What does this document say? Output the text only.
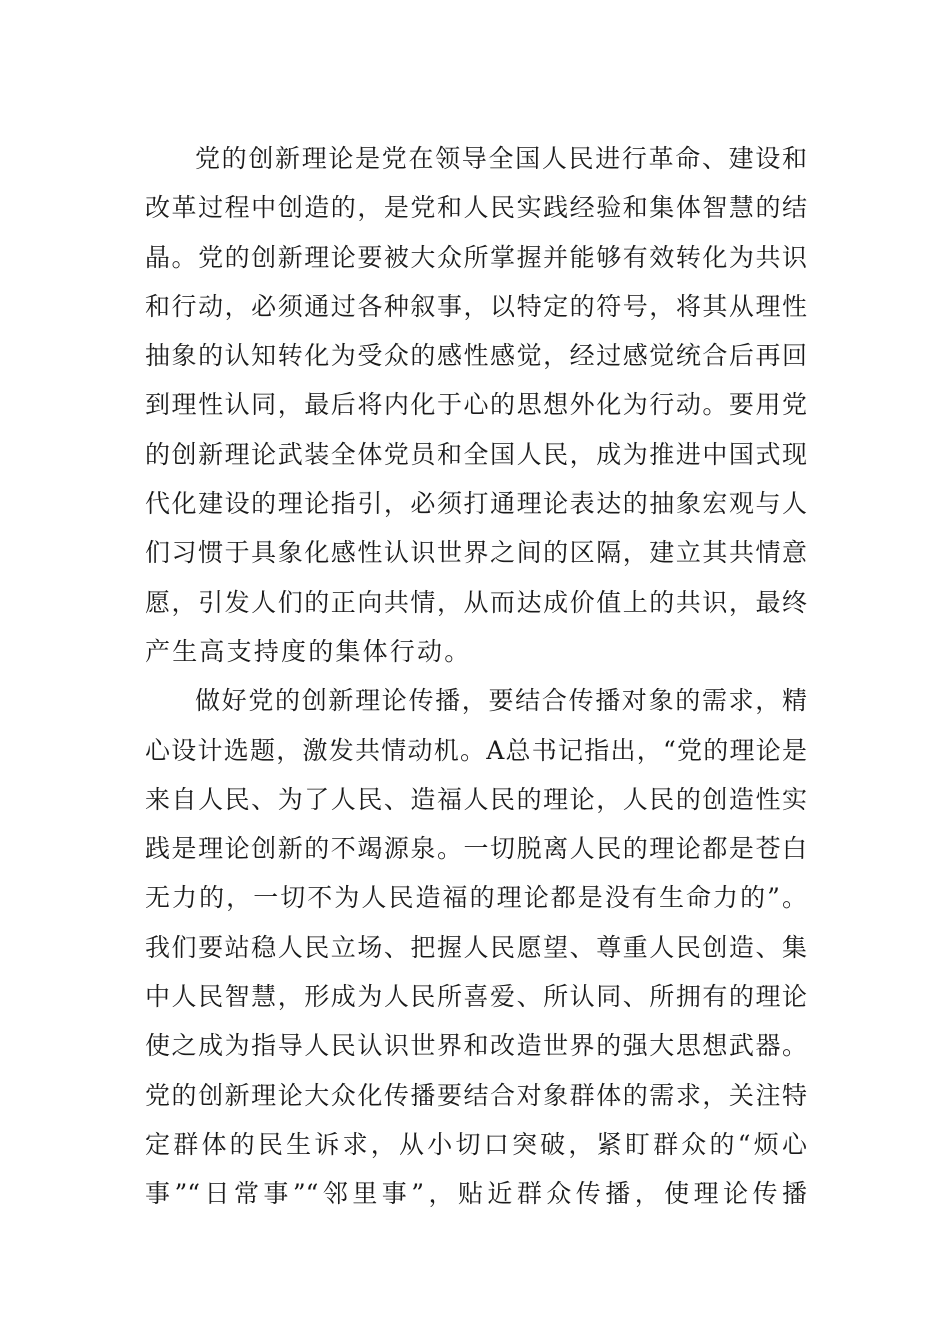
党的创新理论是党在领导全国人民进行革命、建设和
改革过程中创造的，是党和人民实践经验和集体智慧的结
晶。党的创新理论要被大众所掌握并能够有效转化为共识
和行动，必须通过各种叙事，以特定的符号，将其从理性
抽象的认知转化为受众的感性感觉，经过感觉统合后再回
到理性认同，最后将内化于心的思想外化为行动。要用党
的创新理论武装全体党员和全国人民，成为推进中国式现
代化建设的理论指引，必须打通理论表达的抽象宏观与人
们习惯于具象化感性认识世界之间的区隔，建立其共情意
愿，引发人们的正向共情，从而达成价值上的共识，最终
产生高支持度的集体行动。
做好党的创新理论传播，要结合传播对象的需求，精
心设计选题，激发共情动机。A总书记指出，“党的理论是
来自人民、为了人民、造福人民的理论，人民的创造性实
践是理论创新的不竭源泉。一切脱离人民的理论都是苍白
无力的，一切不为人民造福的理论都是没有生命力的”。
我们要站稳人民立场、把握人民愿望、尊重人民创造、集
中人民智慧，形成为人民所喜爱、所认同、所拥有的理论
使之成为指导人民认识世界和改造世界的强大思想武器。
党的创新理论大众化传播要结合对象群体的需求，关注特
定群体的民生诉求，从小切口突破，紧盯群众的“烦心
事”“日常事”“邻里事”，贴近群众传播，使理论传播
